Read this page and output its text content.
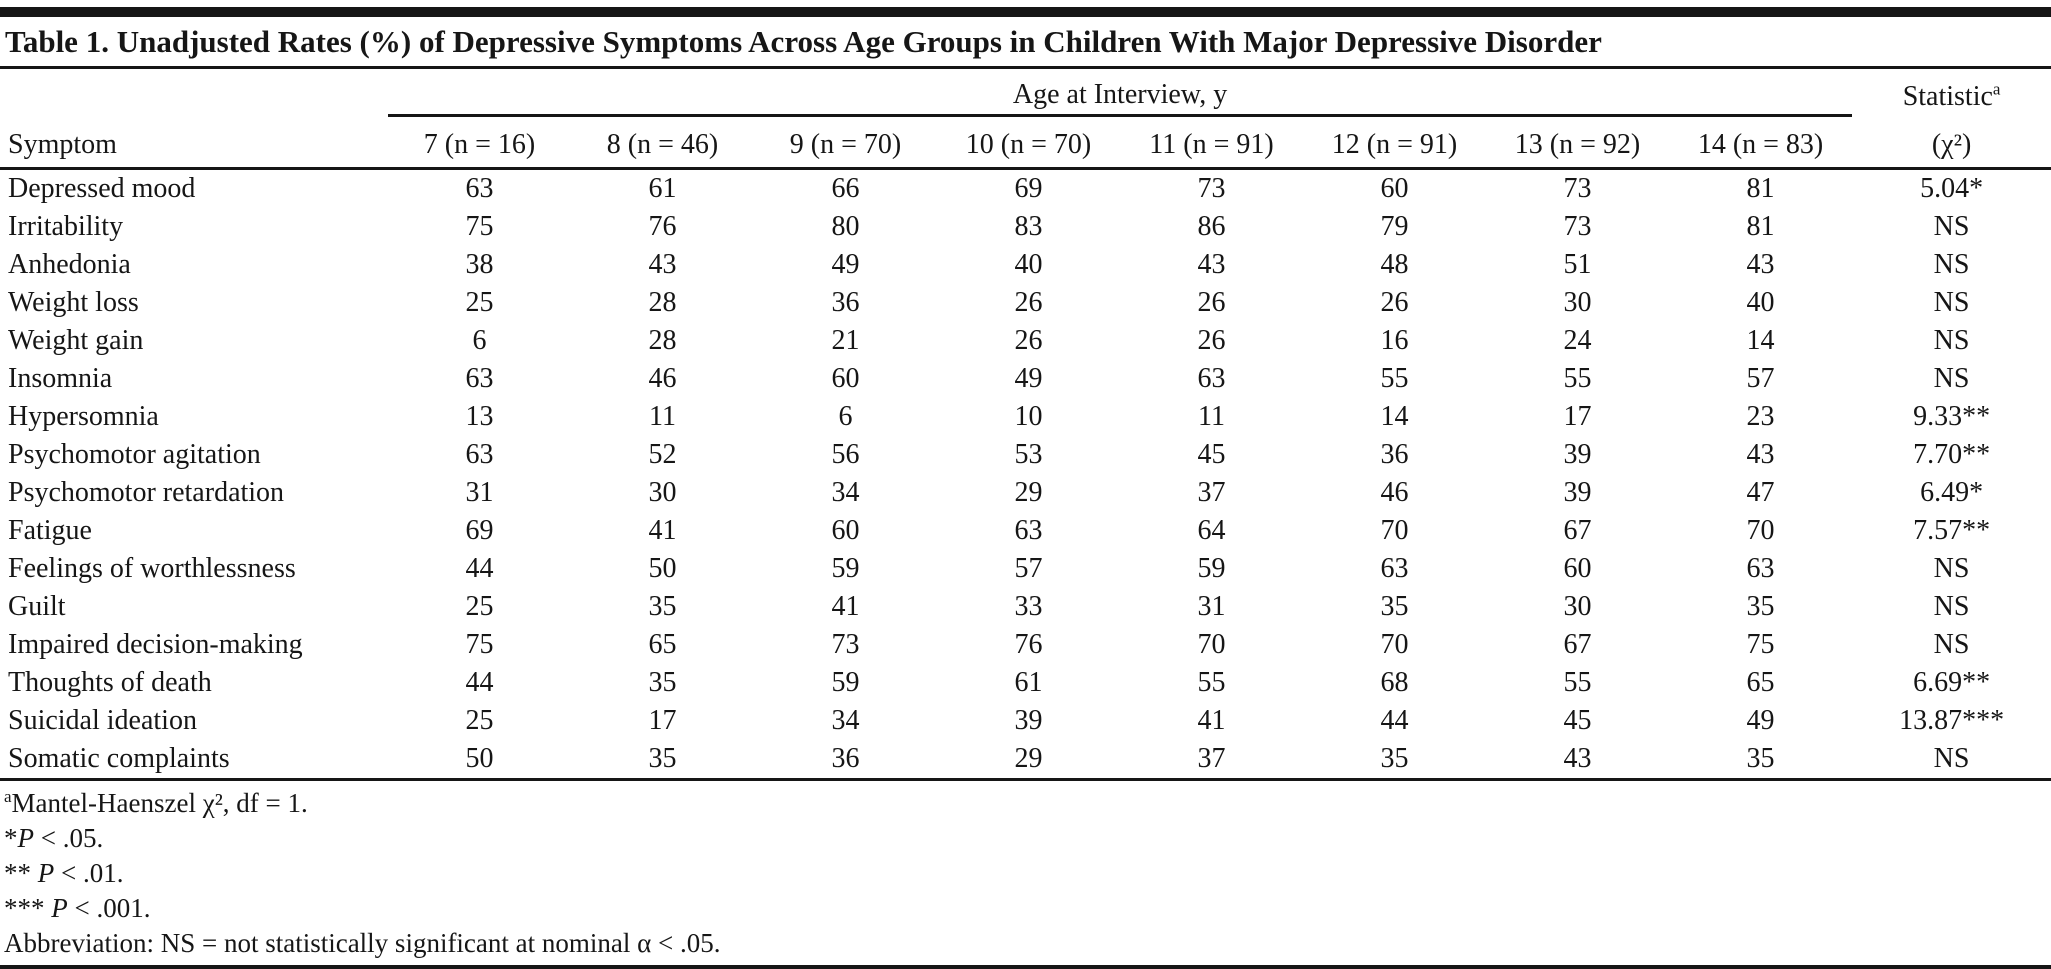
Table 1. Unadjusted Rates (%) of Depressive Symptoms Across Age Groups in Children With Major Depressive Disorder
	Age at Interview, y								Statistic$^a$
Symptom	7 (n = 16)	8 (n = 46)	9 (n = 70)	10 (n = 70)	11 (n = 91)	12 (n = 91)	13 (n = 92)	14 (n = 83)	(χ²)
Depressed mood	63	61	66	69	73	60	73	81	5.04*
Irritability	75	76	80	83	86	79	73	81	NS
Anhedonia	38	43	49	40	43	48	51	43	NS
Weight loss	25	28	36	26	26	26	30	40	NS
Weight gain	6	28	21	26	26	16	24	14	NS
Insomnia	63	46	60	49	63	55	55	57	NS
Hypersomnia	13	11	6	10	11	14	17	23	9.33**
Psychomotor agitation	63	52	56	53	45	36	39	43	7.70**
Psychomotor retardation	31	30	34	29	37	46	39	47	6.49*
Fatigue	69	41	60	63	64	70	67	70	7.57**
Feelings of worthlessness	44	50	59	57	59	63	60	63	NS
Guilt	25	35	41	33	31	35	30	35	NS
Impaired decision-making	75	65	73	76	70	70	67	75	NS
Thoughts of death	44	35	59	61	55	68	55	65	6.69**
Suicidal ideation	25	17	34	39	41	44	45	49	13.87***
Somatic complaints	50	35	36	29	37	35	43	35	NS
$^a$Mantel-Haenszel χ², df = 1.
*P < .05.
** P < .01.
*** P < .001.
Abbreviation: NS = not statistically significant at nominal α < .05.
